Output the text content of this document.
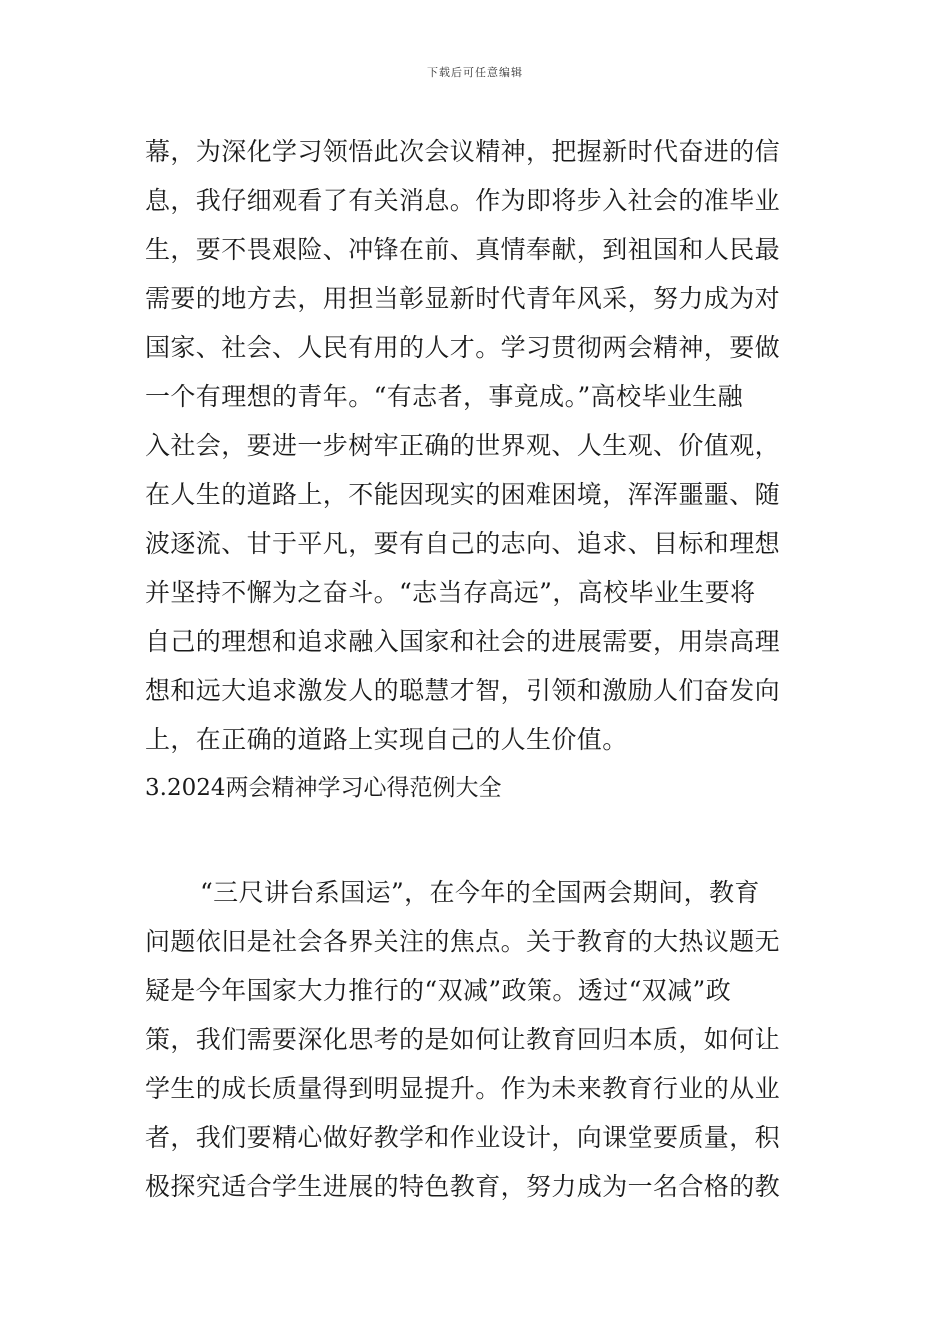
下载后可任意编辑
幕，为深化学习领悟此次会议精神，把握新时代奋进的信
息，我仔细观看了有关消息。作为即将步入社会的准毕业
生，要不畏艰险、冲锋在前、真情奉献，到祖国和人民最
需要的地方去，用担当彰显新时代青年风采，努力成为对
国家、社会、人民有用的人才。学习贯彻两会精神，要做
一个有理想的青年。“有志者，事竟成。”高校毕业生融
入社会，要进一步树牢正确的世界观、人生观、价值观，
在人生的道路上，不能因现实的困难困境，浑浑噩噩、随
波逐流、甘于平凡，要有自己的志向、追求、目标和理想
并坚持不懈为之奋斗。“志当存高远”，高校毕业生要将
自己的理想和追求融入国家和社会的进展需要，用崇高理
想和远大追求激发人的聪慧才智，引领和激励人们奋发向
上，在正确的道路上实现自己的人生价值。
3.2024两会精神学习心得范例大全
“三尺讲台系国运”，在今年的全国两会期间，教育
问题依旧是社会各界关注的焦点。关于教育的大热议题无
疑是今年国家大力推行的“双减”政策。透过“双减”政
策，我们需要深化思考的是如何让教育回归本质，如何让
学生的成长质量得到明显提升。作为未来教育行业的从业
者，我们要精心做好教学和作业设计，向课堂要质量，积
极探究适合学生进展的特色教育，努力成为一名合格的教
